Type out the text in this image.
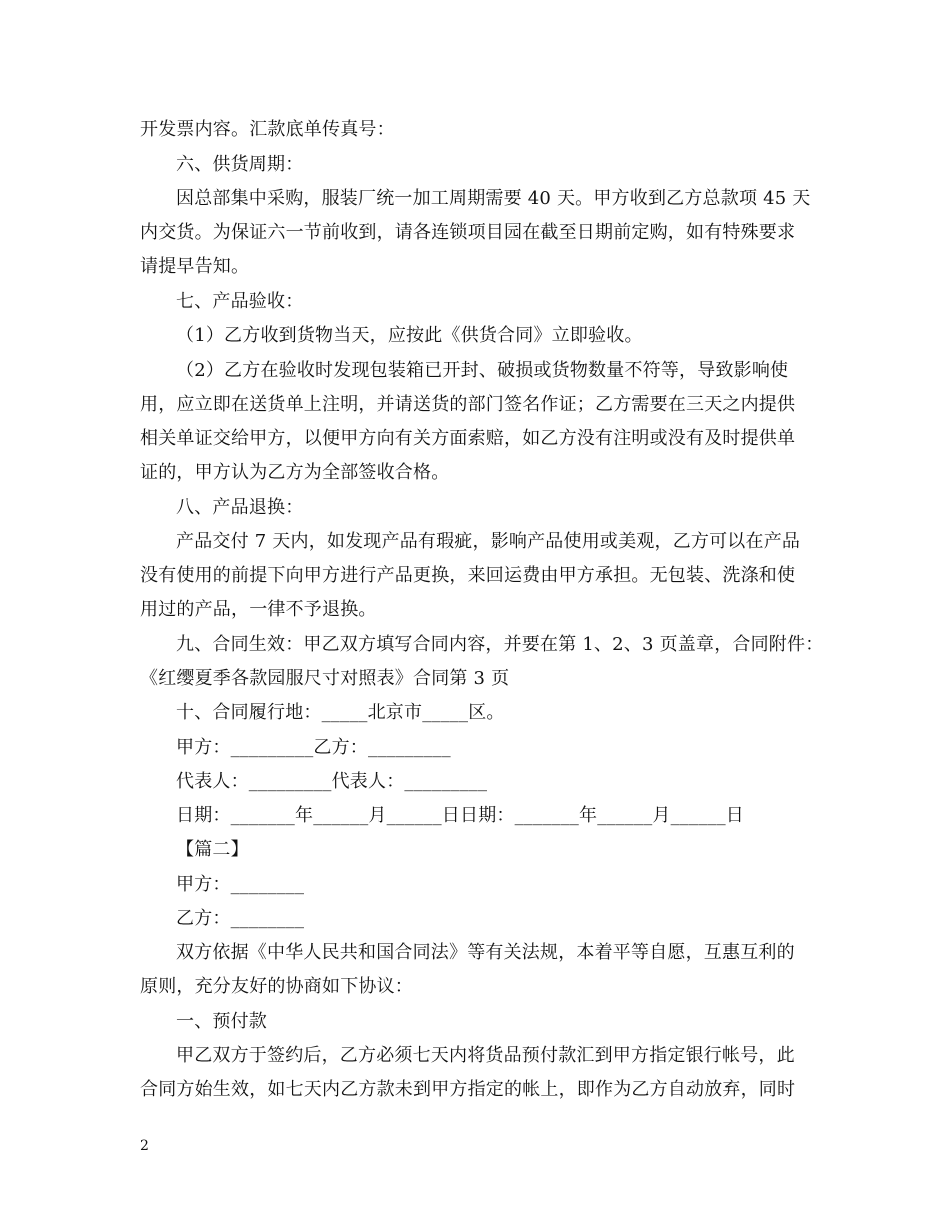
开发票内容。汇款底单传真号：
六、供货周期：
因总部集中采购，服装厂统一加工周期需要 40 天。甲方收到乙方总款项 45 天
内交货。为保证六一节前收到，请各连锁项目园在截至日期前定购，如有特殊要求
请提早告知。
七、产品验收：
（1）乙方收到货物当天，应按此《供货合同》立即验收。
（2）乙方在验收时发现包装箱已开封、破损或货物数量不符等，导致影响使
用，应立即在送货单上注明，并请送货的部门签名作证；乙方需要在三天之内提供
相关单证交给甲方，以便甲方向有关方面索赔，如乙方没有注明或没有及时提供单
证的，甲方认为乙方为全部签收合格。
八、产品退换：
产品交付 7 天内，如发现产品有瑕疵，影响产品使用或美观，乙方可以在产品
没有使用的前提下向甲方进行产品更换，来回运费由甲方承担。无包装、洗涤和使
用过的产品，一律不予退换。
九、合同生效：甲乙双方填写合同内容，并要在第 1、2、3 页盖章，合同附件：
《红缨夏季各款园服尺寸对照表》合同第 3 页
十、合同履行地：_____北京市_____区。
甲方：_________乙方：_________
代表人：_________代表人：_________
日期：_______年______月______日日期：_______年______月______日
【篇二】
甲方：________
乙方：________
双方依据《中华人民共和国合同法》等有关法规，本着平等自愿，互惠互利的
原则，充分友好的协商如下协议：
一、预付款
甲乙双方于签约后，乙方必须七天内将货品预付款汇到甲方指定银行帐号，此
合同方始生效，如七天内乙方款未到甲方指定的帐上，即作为乙方自动放弃，同时
2
